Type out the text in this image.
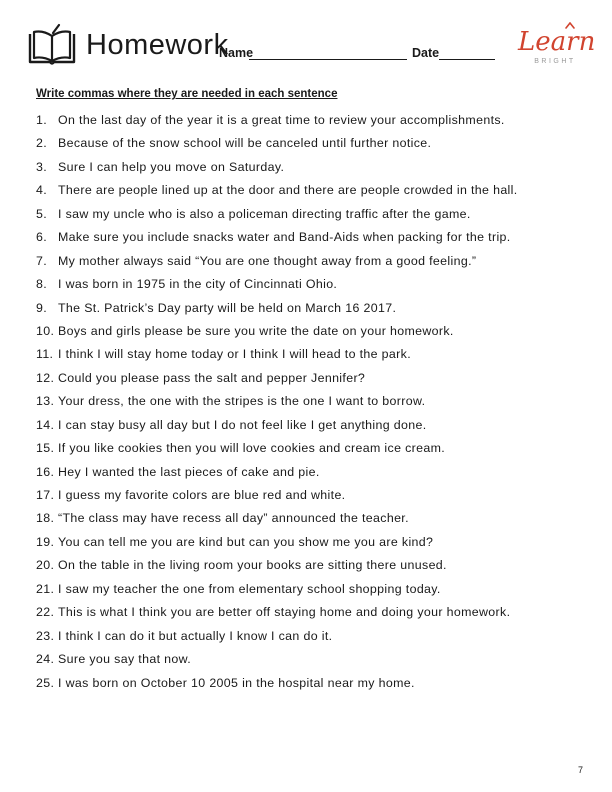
Homework
Name	Date	Learn
BRIGHT
Write commas where they are needed in each sentence
1. On the last day of the year it is a great time to review your accomplishments.
2. Because of the snow school will be canceled until further notice.
3. Sure I can help you move on Saturday.
4. There are people lined up at the door and there are people crowded in the hall.
5. I saw my uncle who is also a policeman directing traffic after the game.
6. Make sure you include snacks water and Band-Aids when packing for the trip.
7. My mother always said “You are one thought away from a good feeling.”
8. I was born in 1975 in the city of Cincinnati Ohio.
9. The St. Patrick’s Day party will be held on March 16 2017.
10. Boys and girls please be sure you write the date on your homework.
11. I think I will stay home today or I think I will head to the park.
12. Could you please pass the salt and pepper Jennifer?
13. Your dress, the one with the stripes is the one I want to borrow.
14. I can stay busy all day but I do not feel like I get anything done.
15. If you like cookies then you will love cookies and cream ice cream.
16. Hey I wanted the last pieces of cake and pie.
17. I guess my favorite colors are blue red and white.
18. “The class may have recess all day” announced the teacher.
19. You can tell me you are kind but can you show me you are kind?
20. On the table in the living room your books are sitting there unused.
21. I saw my teacher the one from elementary school shopping today.
22. This is what I think you are better off staying home and doing your homework.
23. I think I can do it but actually I know I can do it.
24. Sure you say that now.
25. I was born on October 10 2005 in the hospital near my home.
7
